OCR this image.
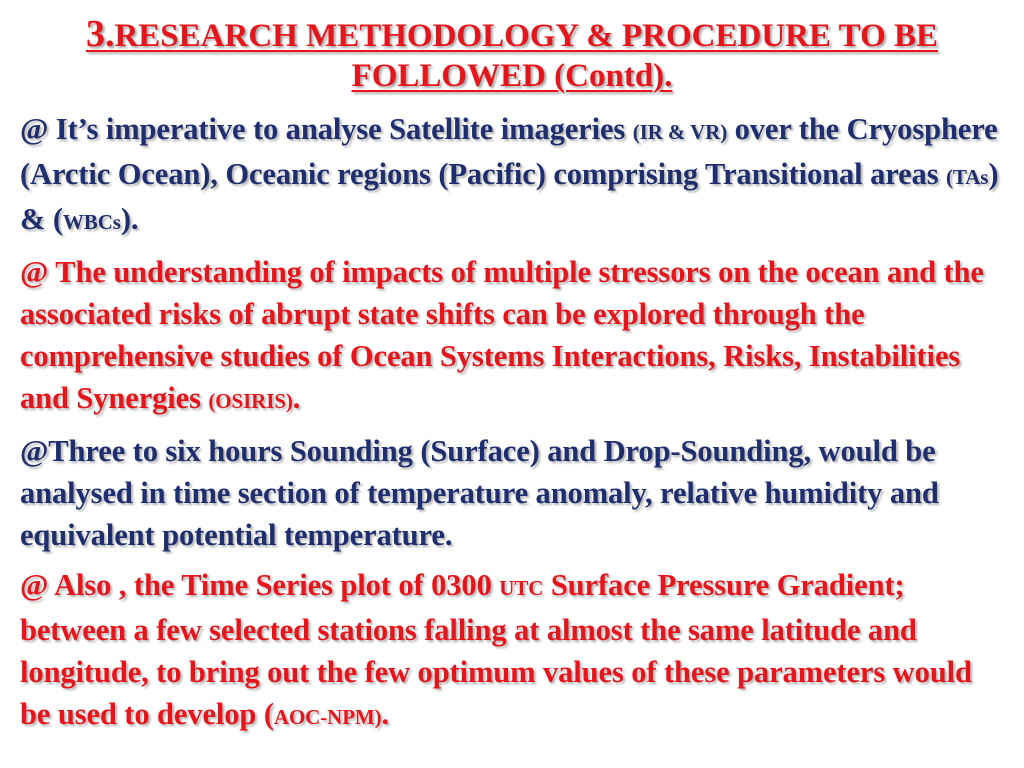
3.RESEARCH METHODOLOGY & PROCEDURE TO BE FOLLOWED (Contd).

@ It’s imperative to analyse Satellite imageries (IR & VR) over the Cryosphere (Arctic Ocean), Oceanic regions (Pacific) comprising Transitional areas (TAs) & (WBCs).

@ The understanding of impacts of multiple stressors on the ocean and the associated risks of abrupt state shifts can be explored through the comprehensive studies of Ocean Systems Interactions, Risks, Instabilities and Synergies (OSIRIS).

@Three to six hours Sounding (Surface) and Drop-Sounding, would be analysed in time section of temperature anomaly, relative humidity and equivalent potential temperature.

@ Also , the Time Series plot of 0300 UTC Surface Pressure Gradient; between a few selected stations falling at almost the same latitude and longitude, to bring out the few optimum values of these parameters would be used to develop (AOC-NPM).
